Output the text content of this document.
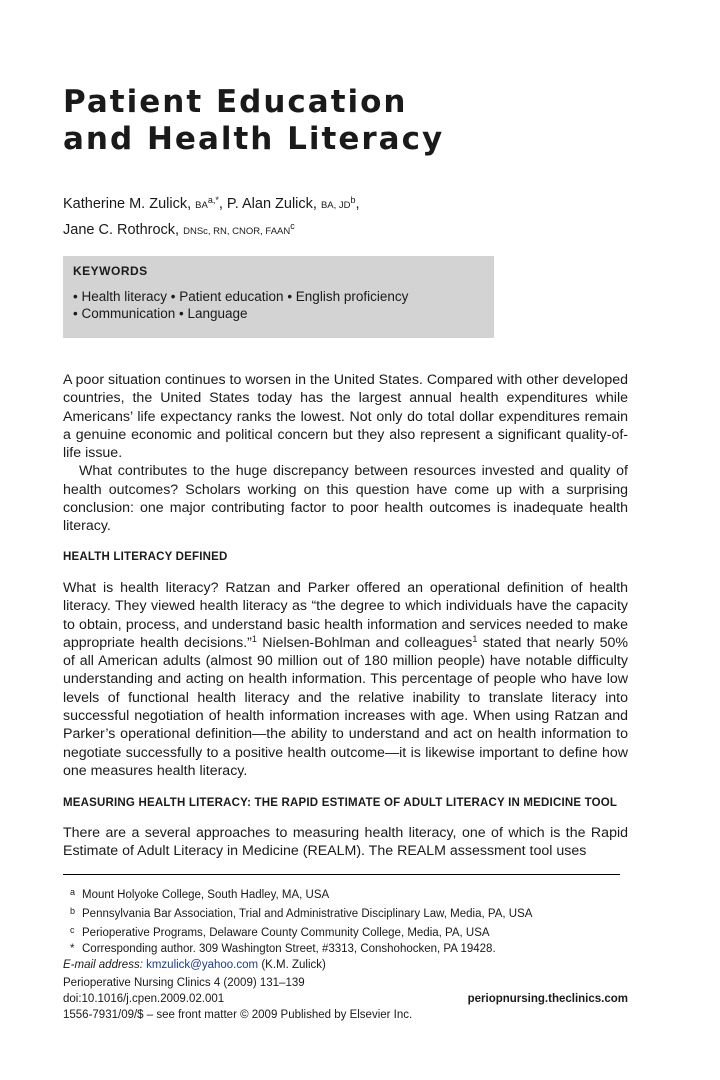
Patient Education
and Health Literacy
Katherine M. Zulick, $BA^{a,*}$, P. Alan Zulick, BA, $JD^b$,
Jane C. Rothrock, DNSc, RN, CNOR, FAAN$^c$
KEYWORDS
• Health literacy • Patient education • English proficiency
• Communication • Language

A poor situation continues to worsen in the United States. Compared with other developed countries, the United States today has the largest annual health expenditures while Americans’ life expectancy ranks the lowest. Not only do total dollar expenditures remain a genuine economic and political concern but they also represent a significant quality-of-life issue.

What contributes to the huge discrepancy between resources invested and quality of health outcomes? Scholars working on this question have come up with a surprising conclusion: one major contributing factor to poor health outcomes is inadequate health literacy.

HEALTH LITERACY DEFINED

What is health literacy? Ratzan and Parker offered an operational definition of health literacy. They viewed health literacy as “the degree to which individuals have the capacity to obtain, process, and understand basic health information and services needed to make appropriate health decisions.”$^1$ Nielsen-Bohlman and colleagues$^1$ stated that nearly 50% of all American adults (almost 90 million out of 180 million people) have notable difficulty understanding and acting on health information. This percentage of people who have low levels of functional health literacy and the relative inability to translate literacy into successful negotiation of health information increases with age. When using Ratzan and Parker’s operational definition—the ability to understand and act on health information to negotiate successfully to a positive health outcome—it is likewise important to define how one measures health literacy.

MEASURING HEALTH LITERACY: THE RAPID ESTIMATE OF ADULT LITERACY IN MEDICINE TOOL

There are a several approaches to measuring health literacy, one of which is the Rapid Estimate of Adult Literacy in Medicine (REALM). The REALM assessment tool uses

a Mount Holyoke College, South Hadley, MA, USA
b Pennsylvania Bar Association, Trial and Administrative Disciplinary Law, Media, PA, USA
c Perioperative Programs, Delaware County Community College, Media, PA, USA
* Corresponding author. 309 Washington Street, #3313, Conshohocken, PA 19428.
E-mail address: kmzulick@yahoo.com (K.M. Zulick)
Perioperative Nursing Clinics 4 (2009) 131–139
doi:10.1016/j.cpen.2009.02.001
1556-7931/09/$ – see front matter © 2009 Published by Elsevier Inc.
periopnursing.theclinics.com
